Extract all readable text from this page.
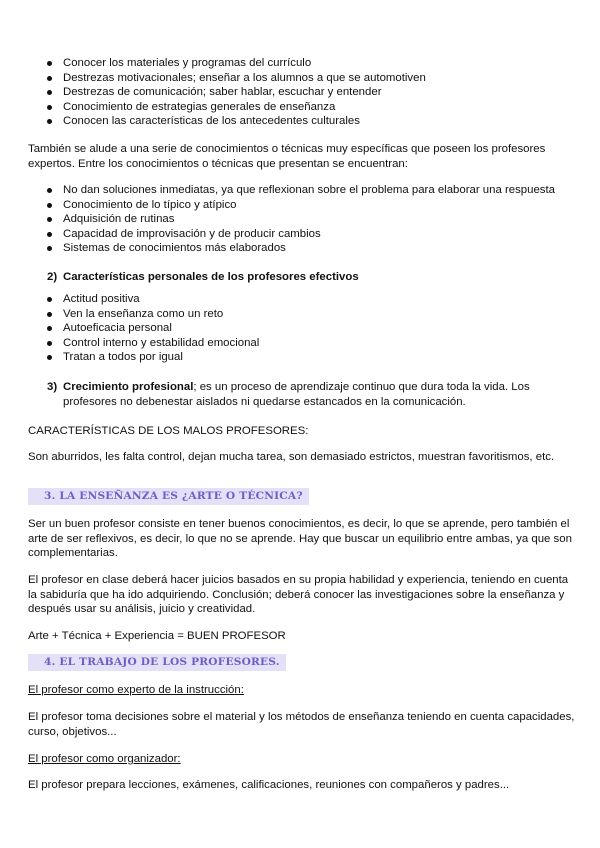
Conocer los materiales y programas del currículo
Destrezas motivacionales; enseñar a los alumnos a que se automotiven
Destrezas de comunicación; saber hablar, escuchar y entender
Conocimiento de estrategias generales de enseñanza
Conocen las características de los antecedentes culturales

También se alude a una serie de conocimientos o técnicas muy específicas que poseen los profesores expertos. Entre los conocimientos o técnicas que presentan se encuentran:

No dan soluciones inmediatas, ya que reflexionan sobre el problema para elaborar una respuesta
Conocimiento de lo típico y atípico
Adquisición de rutinas
Capacidad de improvisación y de producir cambios
Sistemas de conocimientos más elaborados
2) Características personales de los profesores efectivos
Actitud positiva
Ven la enseñanza como un reto
Autoeficacia personal
Control interno y estabilidad emocional
Tratan a todos por igual
3) Crecimiento profesional; es un proceso de aprendizaje continuo que dura toda la vida. Los profesores no debenestar aislados ni quedarse estancados en la comunicación.

CARACTERÍSTICAS DE LOS MALOS PROFESORES:

Son aburridos, les falta control, dejan mucha tarea, son demasiado estrictos, muestran favoritismos, etc.

3. LA ENSEÑANZA ES ¿ARTE O TÉCNICA?

Ser un buen profesor consiste en tener buenos conocimientos, es decir, lo que se aprende, pero también el arte de ser reflexivos, es decir, lo que no se aprende. Hay que buscar un equilibrio entre ambas, ya que son complementarias.

El profesor en clase deberá hacer juicios basados en su propia habilidad y experiencia, teniendo en cuenta la sabiduría que ha ido adquiriendo. Conclusión; deberá conocer las investigaciones sobre la enseñanza y después usar su análisis, juicio y creatividad.

Arte + Técnica + Experiencia = BUEN PROFESOR

4. EL TRABAJO DE LOS PROFESORES.

El profesor como experto de la instrucción:

El profesor toma decisiones sobre el material y los métodos de enseñanza teniendo en cuenta capacidades, curso, objetivos...

El profesor como organizador:

El profesor prepara lecciones, exámenes, calificaciones, reuniones con compañeros y padres...
